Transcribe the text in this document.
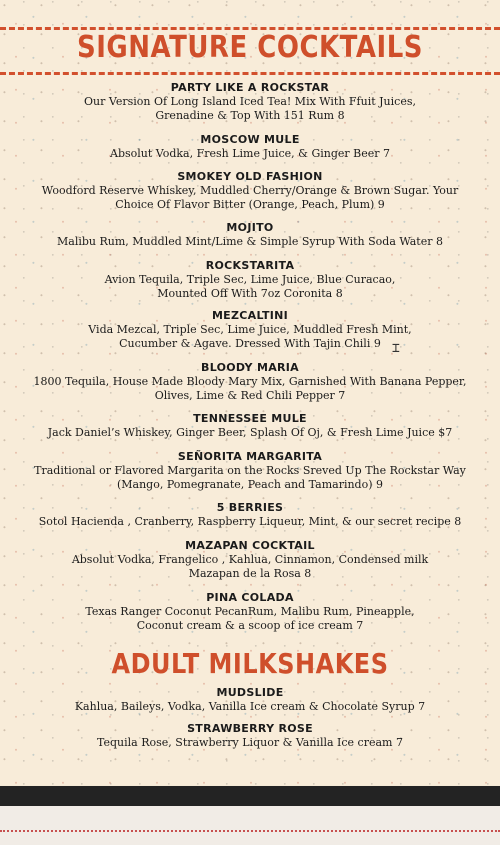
SIGNATURE COCKTAILS
PARTY LIKE A ROCKSTAR
Our Version Of Long Island Iced Tea! Mix With Ffuit Juices, Grenadine & Top With 151 Rum 8
MOSCOW MULE
Absolut Vodka, Fresh Lime Juice, & Ginger Beer 7
SMOKEY OLD FASHION
Woodford Reserve Whiskey, Muddled Cherry/Orange & Brown Sugar. Your Choice Of Flavor Bitter (Orange, Peach, Plum) 9
MOJITO
Malibu Rum, Muddled Mint/Lime & Simple Syrup With Soda Water 8
ROCKSTARITA
Avion Tequila, Triple Sec, Lime Juice, Blue Curacao, Mounted Off With 7oz Coronita 8
MEZCALTINI
Vida Mezcal, Triple Sec, Lime Juice, Muddled Fresh Mint, Cucumber & Agave. Dressed With Tajin Chili 9
BLOODY MARIA
1800 Tequila, House Made Bloody Mary Mix, Garnished With Banana Pepper, Olives, Lime & Red Chili Pepper 7
TENNESSEE MULE
Jack Daniel’s Whiskey, Ginger Beer, Splash Of Oj, & Fresh Lime Juice $7
SEÑORITA MARGARITA
Traditional or Flavored Margarita on the Rocks Sreved Up The Rockstar Way (Mango, Pomegranate, Peach and Tamarindo) 9
5 BERRIES
Sotol Hacienda , Cranberry, Raspberry Liqueur, Mint, & our secret recipe 8
MAZAPAN COCKTAIL
Absolut Vodka, Frangelico , Kahlua, Cinnamon, Condensed milk Mazapan de la Rosa 8
PINA COLADA
Texas Ranger Coconut PecanRum, Malibu Rum, Pineapple, Coconut cream & a scoop of ice cream 7
ADULT MILKSHAKES
MUDSLIDE
Kahlua, Baileys, Vodka, Vanilla Ice cream & Chocolate Syrup 7
STRAWBERRY ROSE
Tequila Rose, Strawberry Liquor & Vanilla Ice cream 7
⌶
